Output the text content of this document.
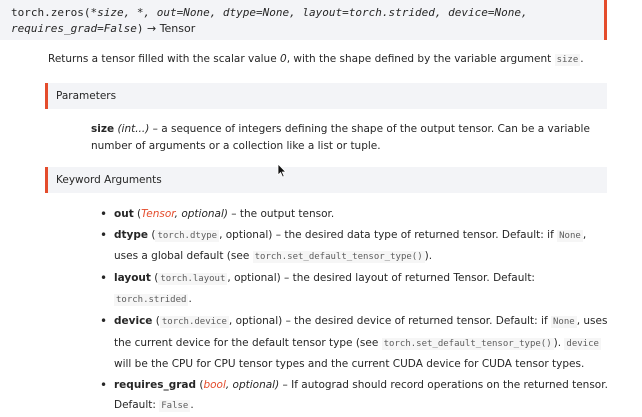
torch.zeros(*size, *, out=None, dtype=None, layout=torch.strided, device=None,
requires_grad=False) → Tensor
Returns a tensor filled with the scalar value 0, with the shape defined by the variable argument size .
Parameters
size (int...) – a sequence of integers defining the shape of the output tensor. Can be a variable number of arguments or a collection like a list or tuple.
Keyword Arguments
• out (Tensor, optional) – the output tensor.
• dtype ( torch.dtype , optional) – the desired data type of returned tensor. Default: if None , uses a global default (see torch.set_default_tensor_type() ).
• layout ( torch.layout , optional) – the desired layout of returned Tensor. Default: torch.strided .
• device ( torch.device , optional) – the desired device of returned tensor. Default: if None , uses the current device for the default tensor type (see torch.set_default_tensor_type() ). device will be the CPU for CPU tensor types and the current CUDA device for CUDA tensor types.
• requires_grad (bool, optional) – If autograd should record operations on the returned tensor. Default: False .
